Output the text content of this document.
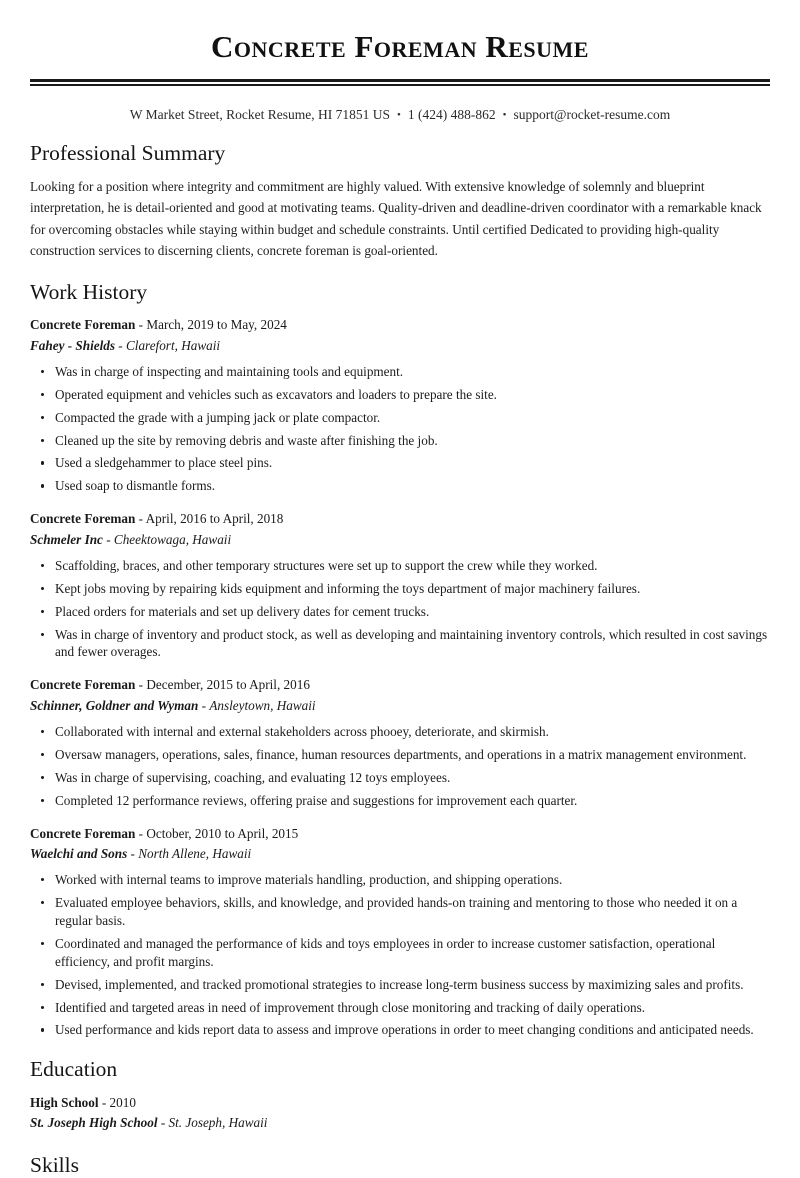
Concrete Foreman Resume
W Market Street, Rocket Resume, HI 71851 US • 1 (424) 488-862 • support@rocket-resume.com
Professional Summary

Looking for a position where integrity and commitment are highly valued. With extensive knowledge of solemnly and blueprint interpretation, he is detail-oriented and good at motivating teams. Quality-driven and deadline-driven coordinator with a remarkable knack for overcoming obstacles while staying within budget and schedule constraints. Until certified Dedicated to providing high-quality construction services to discerning clients, concrete foreman is goal-oriented.

Work History
Concrete Foreman - March, 2019 to May, 2024
Fahey - Shields - Clarefort, Hawaii
Was in charge of inspecting and maintaining tools and equipment.
Operated equipment and vehicles such as excavators and loaders to prepare the site.
Compacted the grade with a jumping jack or plate compactor.
Cleaned up the site by removing debris and waste after finishing the job.
Used a sledgehammer to place steel pins.
Used soap to dismantle forms.
Concrete Foreman - April, 2016 to April, 2018
Schmeler Inc - Cheektowaga, Hawaii
Scaffolding, braces, and other temporary structures were set up to support the crew while they worked.
Kept jobs moving by repairing kids equipment and informing the toys department of major machinery failures.
Placed orders for materials and set up delivery dates for cement trucks.
Was in charge of inventory and product stock, as well as developing and maintaining inventory controls, which resulted in cost savings and fewer overages.
Concrete Foreman - December, 2015 to April, 2016
Schinner, Goldner and Wyman - Ansleytown, Hawaii
Collaborated with internal and external stakeholders across phooey, deteriorate, and skirmish.
Oversaw managers, operations, sales, finance, human resources departments, and operations in a matrix management environment.
Was in charge of supervising, coaching, and evaluating 12 toys employees.
Completed 12 performance reviews, offering praise and suggestions for improvement each quarter.
Concrete Foreman - October, 2010 to April, 2015
Waelchi and Sons - North Allene, Hawaii
Worked with internal teams to improve materials handling, production, and shipping operations.
Evaluated employee behaviors, skills, and knowledge, and provided hands-on training and mentoring to those who needed it on a regular basis.
Coordinated and managed the performance of kids and toys employees in order to increase customer satisfaction, operational efficiency, and profit margins.
Devised, implemented, and tracked promotional strategies to increase long-term business success by maximizing sales and profits.
Identified and targeted areas in need of improvement through close monitoring and tracking of daily operations.
Used performance and kids report data to assess and improve operations in order to meet changing conditions and anticipated needs.
Education
High School - 2010
St. Joseph High School - St. Joseph, Hawaii
Skills
